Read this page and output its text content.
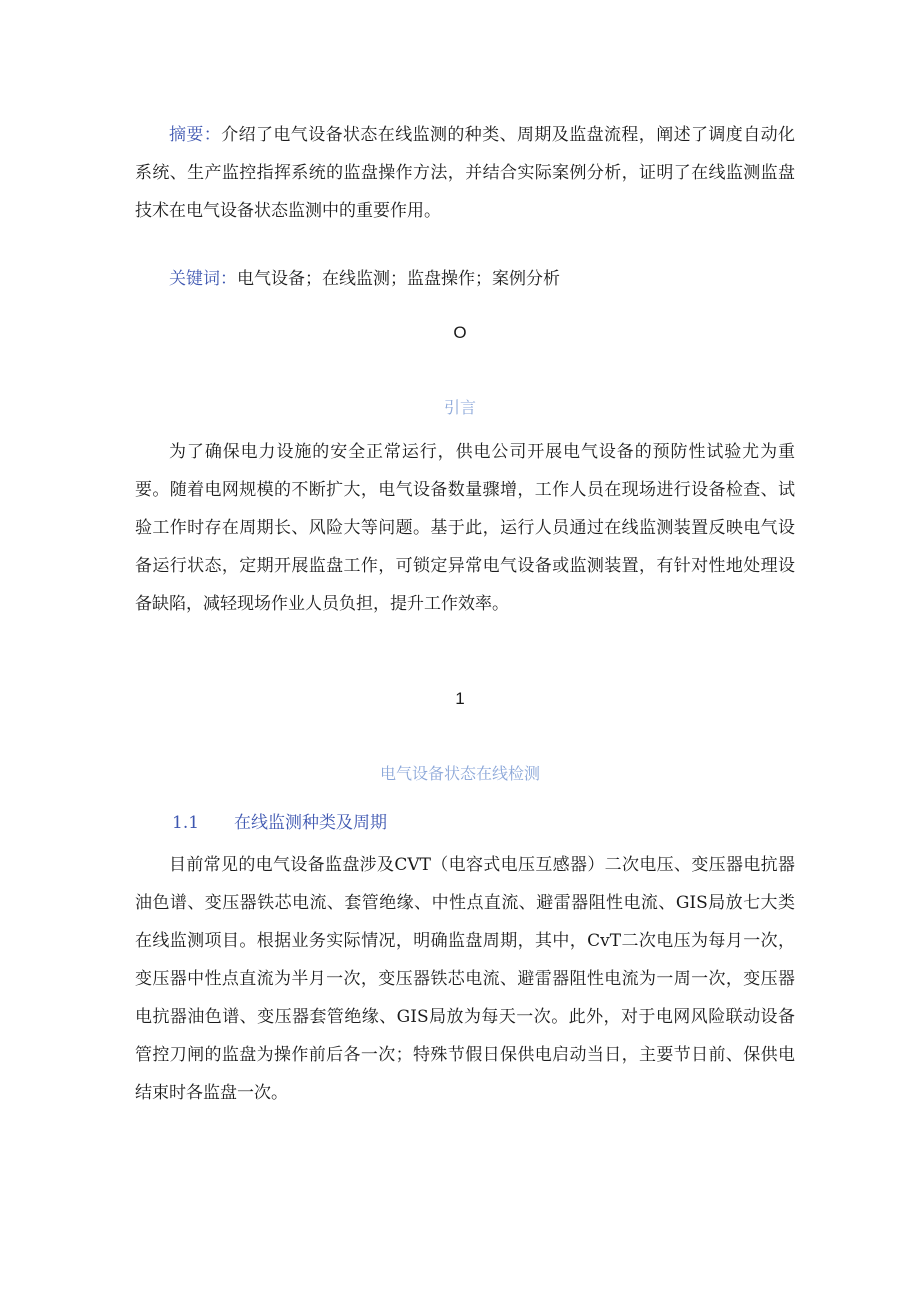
摘要：介绍了电气设备状态在线监测的种类、周期及监盘流程，阐述了调度自动化系统、生产监控指挥系统的监盘操作方法，并结合实际案例分析，证明了在线监测监盘技术在电气设备状态监测中的重要作用。

关键词：电气设备；在线监测；监盘操作；案例分析

O

引言

为了确保电力设施的安全正常运行，供电公司开展电气设备的预防性试验尤为重要。随着电网规模的不断扩大，电气设备数量骤增，工作人员在现场进行设备检查、试验工作时存在周期长、风险大等问题。基于此，运行人员通过在线监测装置反映电气设备运行状态，定期开展监盘工作，可锁定异常电气设备或监测装置，有针对性地处理设备缺陷，减轻现场作业人员负担，提升工作效率。

1

电气设备状态在线检测

1.1 在线监测种类及周期

目前常见的电气设备监盘涉及CVT（电容式电压互感器）二次电压、变压器电抗器油色谱、变压器铁芯电流、套管绝缘、中性点直流、避雷器阻性电流、GIS局放七大类在线监测项目。根据业务实际情况，明确监盘周期，其中，CvT二次电压为每月一次，变压器中性点直流为半月一次，变压器铁芯电流、避雷器阻性电流为一周一次，变压器电抗器油色谱、变压器套管绝缘、GIS局放为每天一次。此外，对于电网风险联动设备管控刀闸的监盘为操作前后各一次；特殊节假日保供电启动当日，主要节日前、保供电结束时各监盘一次。
